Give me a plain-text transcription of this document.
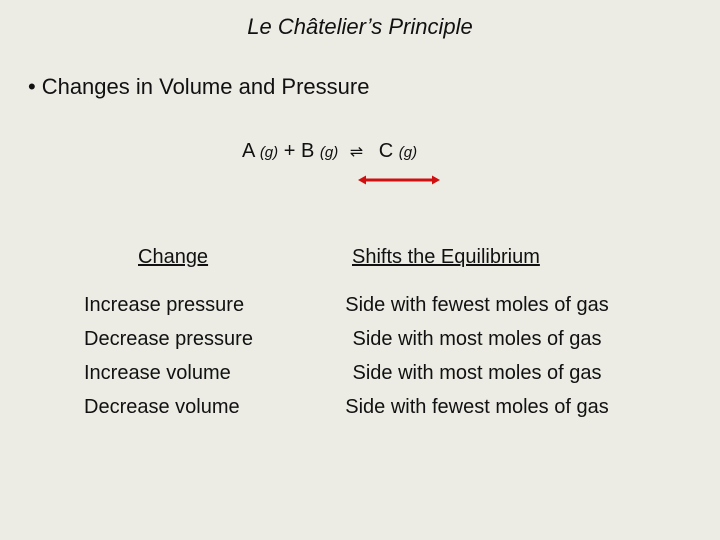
Le Châtelier’s Principle
• Changes in Volume and Pressure
A (g) + B (g) ⇌ C (g)
Change	Shifts the Equilibrium
Increase pressure
Decrease pressure
Increase volume
Decrease volume
Side with fewest moles of gas
Side with most moles of gas
Side with most moles of gas
Side with fewest moles of gas
